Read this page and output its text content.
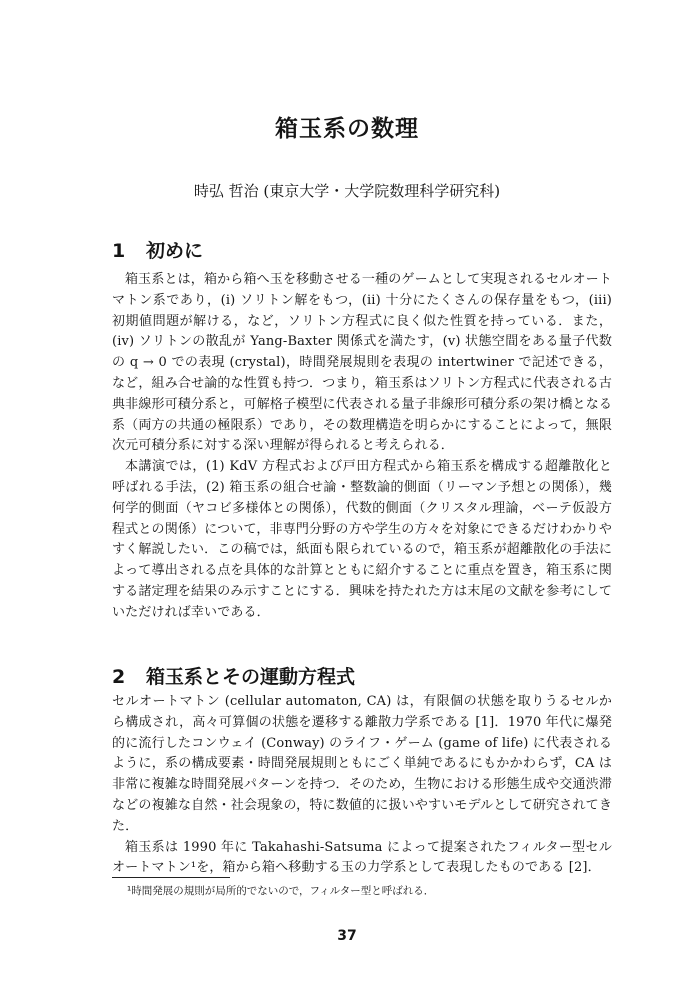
箱玉系の数理
時弘 哲治 (東京大学・大学院数理科学研究科)
1 初めに

箱玉系とは，箱から箱へ玉を移動させる一種のゲームとして実現されるセルオートマトン系であり，(i) ソリトン解をもつ，(ii) 十分にたくさんの保存量をもつ，(iii) 初期値問題が解ける，など，ソリトン方程式に良く似た性質を持っている．また，(iv) ソリトンの散乱が Yang-Baxter 関係式を満たす，(v) 状態空間をある量子代数の q → 0 での表現 (crystal)，時間発展規則を表現の intertwiner で記述できる，など，組み合せ論的な性質も持つ．つまり，箱玉系はソリトン方程式に代表される古典非線形可積分系と，可解格子模型に代表される量子非線形可積分系の架け橋となる系（両方の共通の極限系）であり，その数理構造を明らかにすることによって，無限次元可積分系に対する深い理解が得られると考えられる．

本講演では，(1) KdV 方程式および戸田方程式から箱玉系を構成する超離散化と呼ばれる手法，(2) 箱玉系の組合せ論・整数論的側面（リーマン予想との関係），幾何学的側面（ヤコビ多様体との関係），代数的側面（クリスタル理論，ベーテ仮設方程式との関係）について，非専門分野の方や学生の方々を対象にできるだけわかりやすく解説したい．この稿では，紙面も限られているので，箱玉系が超離散化の手法によって導出される点を具体的な計算とともに紹介することに重点を置き，箱玉系に関する諸定理を結果のみ示すことにする．興味を持たれた方は末尾の文献を参考にしていただければ幸いである．

2 箱玉系とその運動方程式

セルオートマトン (cellular automaton, CA) は，有限個の状態を取りうるセルから構成され，高々可算個の状態を遷移する離散力学系である [1]．1970 年代に爆発的に流行したコンウェイ (Conway) のライフ・ゲーム (game of life) に代表されるように，系の構成要素・時間発展規則ともにごく単純であるにもかかわらず，CA は非常に複雑な時間発展パターンを持つ．そのため，生物における形態生成や交通渋滞などの複雑な自然・社会現象の，特に数値的に扱いやすいモデルとして研究されてきた．

箱玉系は 1990 年に Takahashi-Satsuma によって提案されたフィルター型セルオートマトン¹を，箱から箱へ移動する玉の力学系として表現したものである [2]．

¹時間発展の規則が局所的でないので，フィルター型と呼ばれる．
37
